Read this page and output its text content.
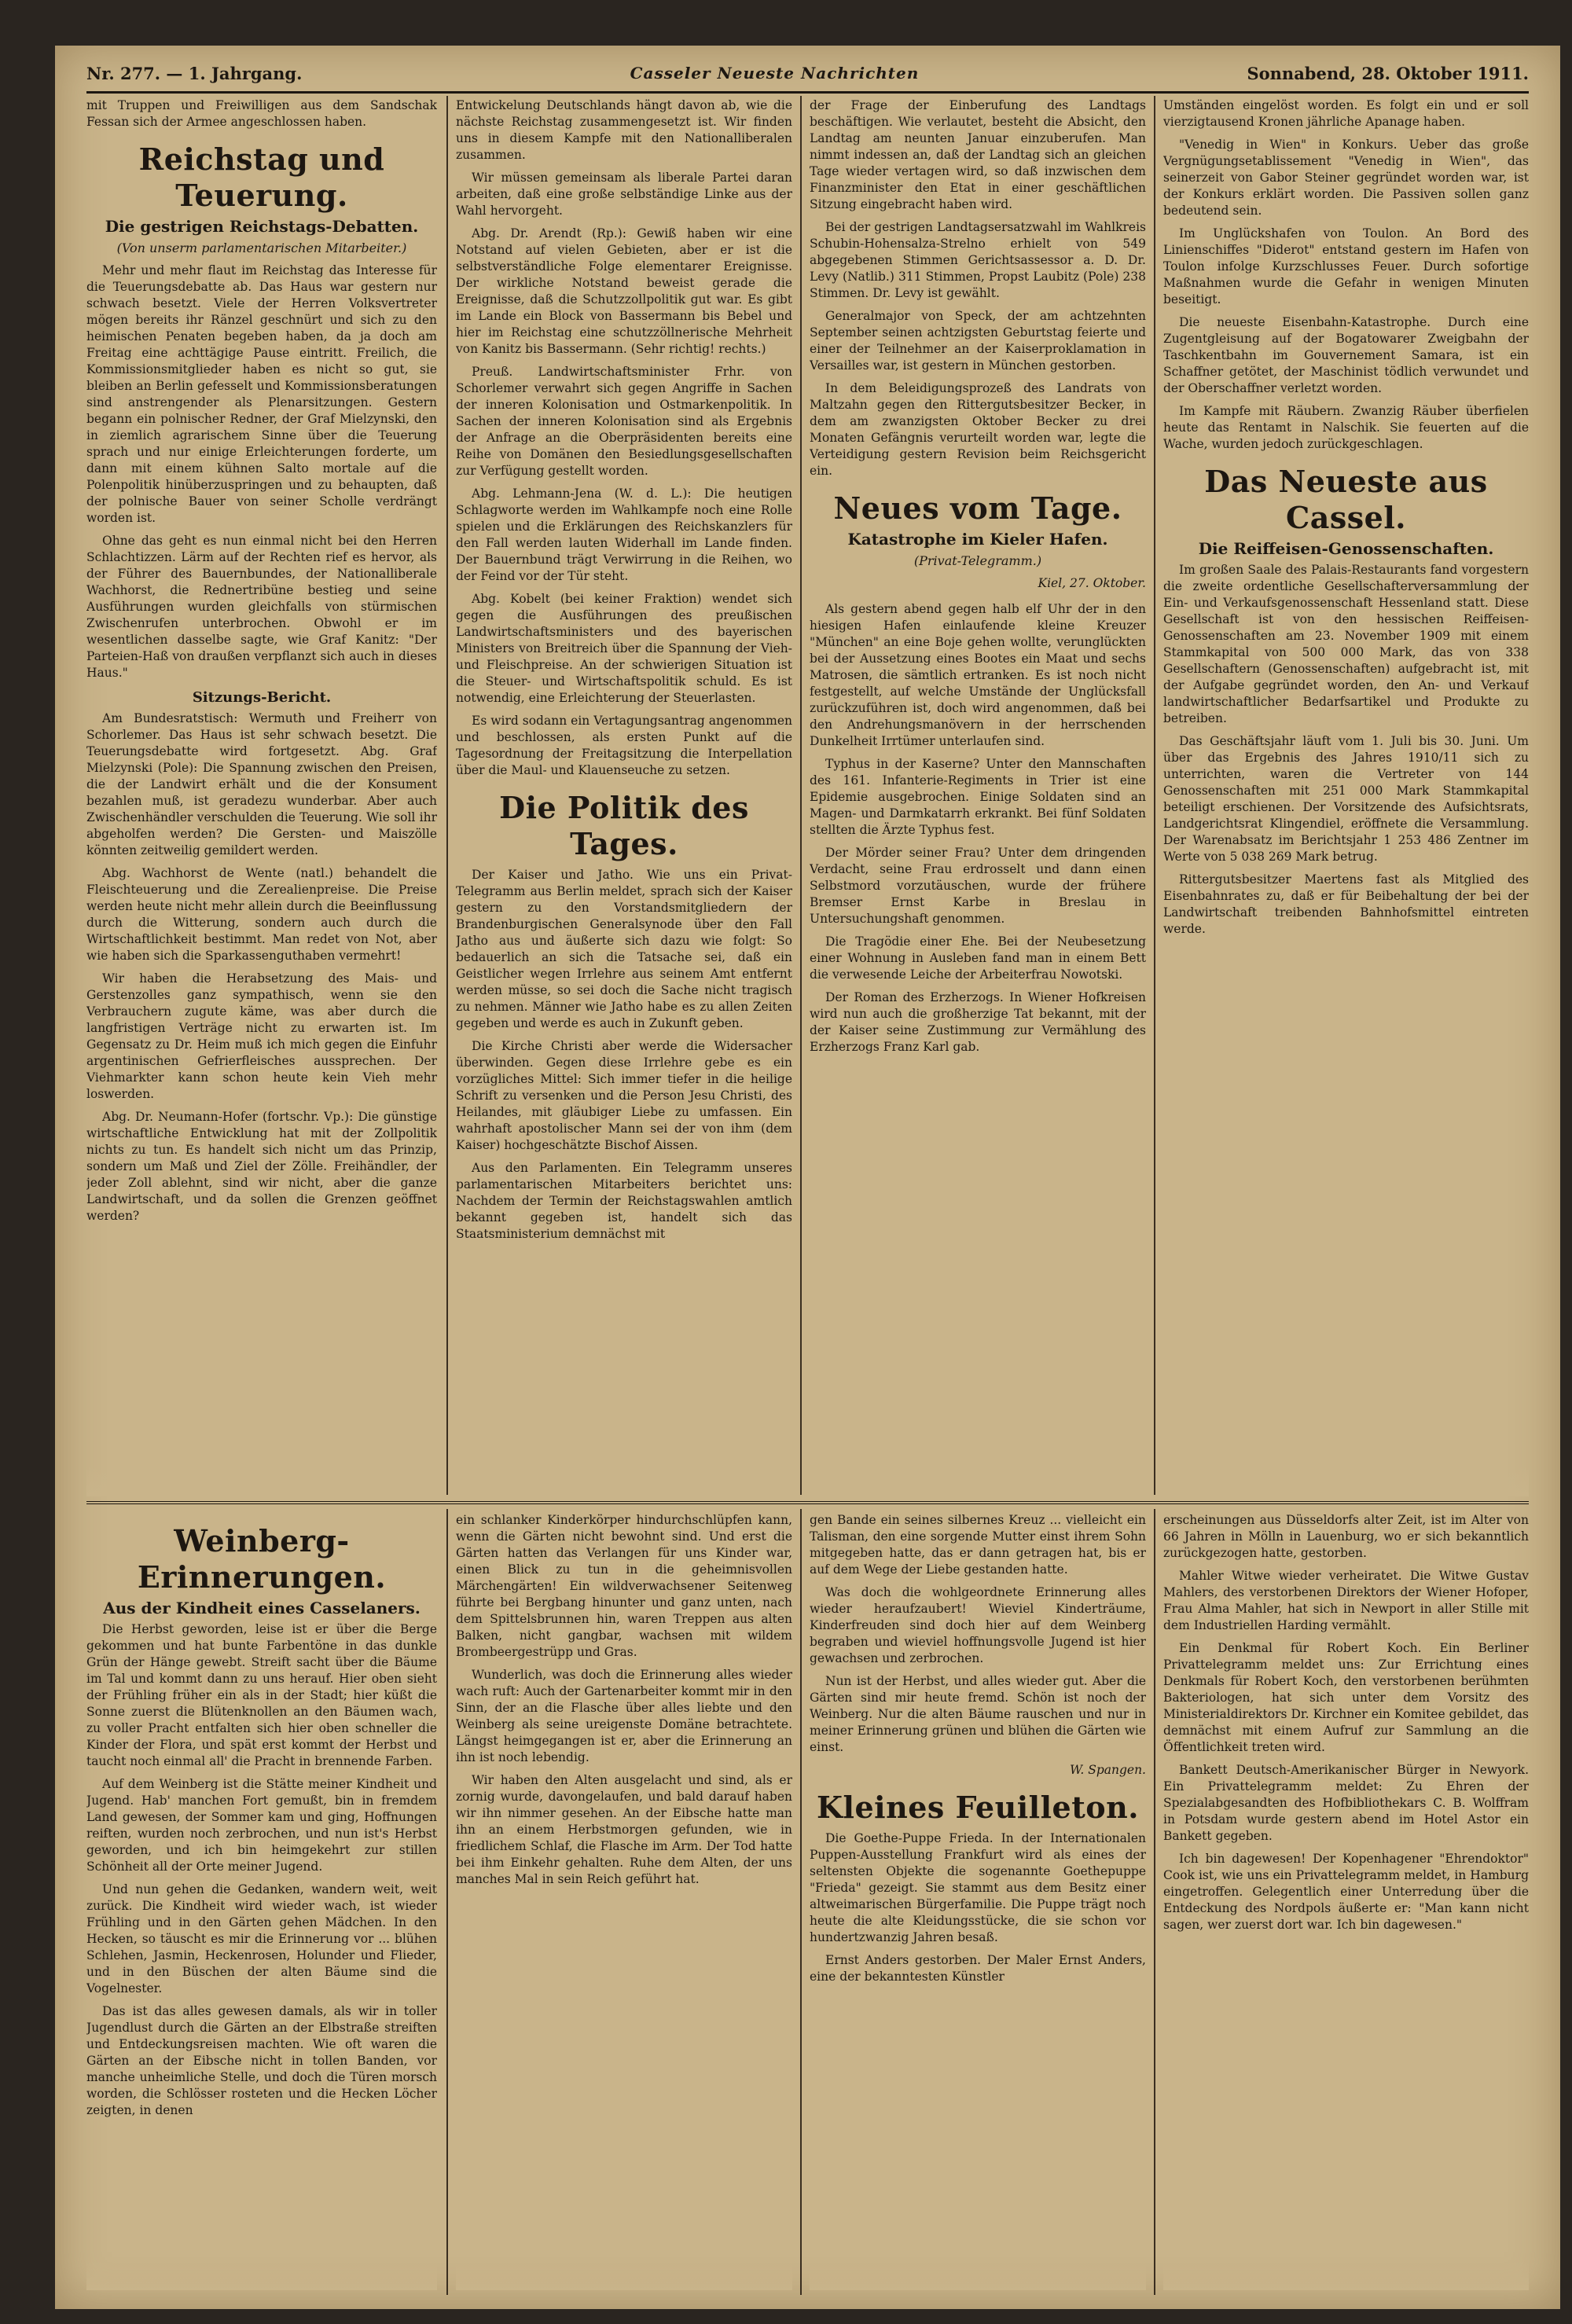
Nr. 277. — 1. Jahrgang.	Casseler Neueste Nachrichten	Sonnabend, 28. Oktober 1911.

mit Truppen und Freiwilligen aus dem Sandschak Fessan sich der Armee angeschlossen haben.

Reichstag und Teuerung.
Die gestrigen Reichstags-Debatten.
(Von unserm parlamentarischen Mitarbeiter.)

Mehr und mehr flaut im Reichstag das Interesse für die Teuerungsdebatte ab. Das Haus war gestern nur schwach besetzt. Viele der Herren Volksvertreter mögen bereits ihr Ränzel geschnürt und sich zu den heimischen Penaten begeben haben, da ja doch am Freitag eine achttägige Pause eintritt. Freilich, die Kommissionsmitglieder haben es nicht so gut, sie bleiben an Berlin gefesselt und Kommissionsberatungen sind anstrengender als Plenarsitzungen. Gestern begann ein polnischer Redner, der Graf Mielzynski, den in ziemlich agrarischem Sinne über die Teuerung sprach und nur einige Erleichterungen forderte, um dann mit einem kühnen Salto mortale auf die Polenpolitik hinüberzuspringen und zu behaupten, daß der polnische Bauer von seiner Scholle verdrängt worden ist.

Ohne das geht es nun einmal nicht bei den Herren Schlachtizzen. Lärm auf der Rechten rief es hervor, als der Führer des Bauernbundes, der Nationalliberale Wachhorst, die Rednertribüne bestieg und seine Ausführungen wurden gleichfalls von stürmischen Zwischenrufen unterbrochen. Obwohl er im wesentlichen dasselbe sagte, wie Graf Kanitz: "Der Parteien-Haß von draußen verpflanzt sich auch in dieses Haus."

Sitzungs-Bericht.

Am Bundesratstisch: Wermuth und Freiherr von Schorlemer. Das Haus ist sehr schwach besetzt. Die Teuerungsdebatte wird fortgesetzt. Abg. Graf Mielzynski (Pole): Die Spannung zwischen den Preisen, die der Landwirt erhält und die der Konsument bezahlen muß, ist geradezu wunderbar. Aber auch Zwischenhändler verschulden die Teuerung. Wie soll ihr abgeholfen werden? Die Gersten- und Maiszölle könnten zeitweilig gemildert werden.

Abg. Wachhorst de Wente (natl.) behandelt die Fleischteuerung und die Zerealienpreise. Die Preise werden heute nicht mehr allein durch die Beeinflussung durch die Witterung, sondern auch durch die Wirtschaftlichkeit bestimmt. Man redet von Not, aber wie haben sich die Sparkassenguthaben vermehrt!

Wir haben die Herabsetzung des Mais- und Gerstenzolles ganz sympathisch, wenn sie den Verbrauchern zugute käme, was aber durch die langfristigen Verträge nicht zu erwarten ist. Im Gegensatz zu Dr. Heim muß ich mich gegen die Einfuhr argentinischen Gefrierfleisches aussprechen. Der Viehmarkter kann schon heute kein Vieh mehr loswerden.

Abg. Dr. Neumann-Hofer (fortschr. Vp.): Die günstige wirtschaftliche Entwicklung hat mit der Zollpolitik nichts zu tun. Es handelt sich nicht um das Prinzip, sondern um Maß und Ziel der Zölle. Freihändler, der jeder Zoll ablehnt, sind wir nicht, aber die ganze Landwirtschaft, und da sollen die Grenzen geöffnet werden?

Entwickelung Deutschlands hängt davon ab, wie die nächste Reichstag zusammengesetzt ist. Wir finden uns in diesem Kampfe mit den Nationalliberalen zusammen.

Wir müssen gemeinsam als liberale Partei daran arbeiten, daß eine große selbständige Linke aus der Wahl hervorgeht.

Abg. Dr. Arendt (Rp.): Gewiß haben wir eine Notstand auf vielen Gebieten, aber er ist die selbstverständliche Folge elementarer Ereignisse. Der wirkliche Notstand beweist gerade die Ereignisse, daß die Schutzzollpolitik gut war. Es gibt im Lande ein Block von Bassermann bis Bebel und hier im Reichstag eine schutzzöllnerische Mehrheit von Kanitz bis Bassermann. (Sehr richtig! rechts.)

Preuß. Landwirtschaftsminister Frhr. von Schorlemer verwahrt sich gegen Angriffe in Sachen der inneren Kolonisation und Ostmarkenpolitik. In Sachen der inneren Kolonisation sind als Ergebnis der Anfrage an die Oberpräsidenten bereits eine Reihe von Domänen den Besiedlungsgesellschaften zur Verfügung gestellt worden.

Abg. Lehmann-Jena (W. d. L.): Die heutigen Schlagworte werden im Wahlkampfe noch eine Rolle spielen und die Erklärungen des Reichskanzlers für den Fall werden lauten Widerhall im Lande finden. Der Bauernbund trägt Verwirrung in die Reihen, wo der Feind vor der Tür steht.

Abg. Kobelt (bei keiner Fraktion) wendet sich gegen die Ausführungen des preußischen Landwirtschaftsministers und des bayerischen Ministers von Breitreich über die Spannung der Vieh- und Fleischpreise. An der schwierigen Situation ist die Steuer- und Wirtschaftspolitik schuld. Es ist notwendig, eine Erleichterung der Steuerlasten.

Es wird sodann ein Vertagungsantrag angenommen und beschlossen, als ersten Punkt auf die Tagesordnung der Freitagsitzung die Interpellation über die Maul- und Klauenseuche zu setzen.

Die Politik des Tages.

Der Kaiser und Jatho. Wie uns ein Privat-Telegramm aus Berlin meldet, sprach sich der Kaiser gestern zu den Vorstandsmitgliedern der Brandenburgischen Generalsynode über den Fall Jatho aus und äußerte sich dazu wie folgt: So bedauerlich an sich die Tatsache sei, daß ein Geistlicher wegen Irrlehre aus seinem Amt entfernt werden müsse, so sei doch die Sache nicht tragisch zu nehmen. Männer wie Jatho habe es zu allen Zeiten gegeben und werde es auch in Zukunft geben.

Die Kirche Christi aber werde die Widersacher überwinden. Gegen diese Irrlehre gebe es ein vorzügliches Mittel: Sich immer tiefer in die heilige Schrift zu versenken und die Person Jesu Christi, des Heilandes, mit gläubiger Liebe zu umfassen. Ein wahrhaft apostolischer Mann sei der von ihm (dem Kaiser) hochgeschätzte Bischof Aissen.

Aus den Parlamenten. Ein Telegramm unseres parlamentarischen Mitarbeiters berichtet uns: Nachdem der Termin der Reichstagswahlen amtlich bekannt gegeben ist, handelt sich das Staatsministerium demnächst mit

der Frage der Einberufung des Landtags beschäftigen. Wie verlautet, besteht die Absicht, den Landtag am neunten Januar einzuberufen. Man nimmt indessen an, daß der Landtag sich an gleichen Tage wieder vertagen wird, so daß inzwischen dem Finanzminister den Etat in einer geschäftlichen Sitzung eingebracht haben wird.

Bei der gestrigen Landtagsersatzwahl im Wahlkreis Schubin-Hohensalza-Strelno erhielt von 549 abgegebenen Stimmen Gerichtsassessor a. D. Dr. Levy (Natlib.) 311 Stimmen, Propst Laubitz (Pole) 238 Stimmen. Dr. Levy ist gewählt.

Generalmajor von Speck, der am achtzehnten September seinen achtzigsten Geburtstag feierte und einer der Teilnehmer an der Kaiserproklamation in Versailles war, ist gestern in München gestorben.

In dem Beleidigungsprozeß des Landrats von Maltzahn gegen den Rittergutsbesitzer Becker, in dem am zwanzigsten Oktober Becker zu drei Monaten Gefängnis verurteilt worden war, legte die Verteidigung gestern Revision beim Reichsgericht ein.

Neues vom Tage.
Katastrophe im Kieler Hafen.
(Privat-Telegramm.)
Kiel, 27. Oktober.

Als gestern abend gegen halb elf Uhr der in den hiesigen Hafen einlaufende kleine Kreuzer "München" an eine Boje gehen wollte, verunglückten bei der Aussetzung eines Bootes ein Maat und sechs Matrosen, die sämtlich ertranken. Es ist noch nicht festgestellt, auf welche Umstände der Unglücksfall zurückzuführen ist, doch wird angenommen, daß bei den Andrehungsmanövern in der herrschenden Dunkelheit Irrtümer unterlaufen sind.

Typhus in der Kaserne? Unter den Mannschaften des 161. Infanterie-Regiments in Trier ist eine Epidemie ausgebrochen. Einige Soldaten sind an Magen- und Darmkatarrh erkrankt. Bei fünf Soldaten stellten die Ärzte Typhus fest.

Der Mörder seiner Frau? Unter dem dringenden Verdacht, seine Frau erdrosselt und dann einen Selbstmord vorzutäuschen, wurde der frühere Bremser Ernst Karbe in Breslau in Untersuchungshaft genommen.

Die Tragödie einer Ehe. Bei der Neubesetzung einer Wohnung in Ausleben fand man in einem Bett die verwesende Leiche der Arbeiterfrau Nowotski.

Der Roman des Erzherzogs. In Wiener Hofkreisen wird nun auch die großherzige Tat bekannt, mit der der Kaiser seine Zustimmung zur Vermählung des Erzherzogs Franz Karl gab.

Umständen eingelöst worden. Es folgt ein und er soll vierzigtausend Kronen jährliche Apanage haben.

"Venedig in Wien" in Konkurs. Ueber das große Vergnügungsetablissement "Venedig in Wien", das seinerzeit von Gabor Steiner gegründet worden war, ist der Konkurs erklärt worden. Die Passiven sollen ganz bedeutend sein.

Im Unglückshafen von Toulon. An Bord des Linienschiffes "Diderot" entstand gestern im Hafen von Toulon infolge Kurzschlusses Feuer. Durch sofortige Maßnahmen wurde die Gefahr in wenigen Minuten beseitigt.

Die neueste Eisenbahn-Katastrophe. Durch eine Zugentgleisung auf der Bogatowarer Zweigbahn der Taschkentbahn im Gouvernement Samara, ist ein Schaffner getötet, der Maschinist tödlich verwundet und der Oberschaffner verletzt worden.

Im Kampfe mit Räubern. Zwanzig Räuber überfielen heute das Rentamt in Nalschik. Sie feuerten auf die Wache, wurden jedoch zurückgeschlagen.

Das Neueste aus Cassel.
Die Reiffeisen-Genossenschaften.

Im großen Saale des Palais-Restaurants fand vorgestern die zweite ordentliche Gesellschafterversammlung der Ein- und Verkaufsgenossenschaft Hessenland statt. Diese Gesellschaft ist von den hessischen Reiffeisen-Genossenschaften am 23. November 1909 mit einem Stammkapital von 500 000 Mark, das von 338 Gesellschaftern (Genossenschaften) aufgebracht ist, mit der Aufgabe gegründet worden, den An- und Verkauf landwirtschaftlicher Bedarfsartikel und Produkte zu betreiben.

Das Geschäftsjahr läuft vom 1. Juli bis 30. Juni. Um über das Ergebnis des Jahres 1910/11 sich zu unterrichten, waren die Vertreter von 144 Genossenschaften mit 251 000 Mark Stammkapital beteiligt erschienen. Der Vorsitzende des Aufsichtsrats, Landgerichtsrat Klingendiel, eröffnete die Versammlung. Der Warenabsatz im Berichtsjahr 1 253 486 Zentner im Werte von 5 038 269 Mark betrug.

Rittergutsbesitzer Maertens fast als Mitglied des Eisenbahnrates zu, daß er für Beibehaltung der bei der Landwirtschaft treibenden Bahnhofsmittel eintreten werde.

Weinberg-Erinnerungen.
Aus der Kindheit eines Casselaners.

Die Herbst geworden, leise ist er über die Berge gekommen und hat bunte Farbentöne in das dunkle Grün der Hänge gewebt. Streift sacht über die Bäume im Tal und kommt dann zu uns herauf. Hier oben sieht der Frühling früher ein als in der Stadt; hier küßt die Sonne zuerst die Blütenknollen an den Bäumen wach, zu voller Pracht entfalten sich hier oben schneller die Kinder der Flora, und spät erst kommt der Herbst und taucht noch einmal all' die Pracht in brennende Farben.

Auf dem Weinberg ist die Stätte meiner Kindheit und Jugend. Hab' manchen Fort gemußt, bin in fremdem Land gewesen, der Sommer kam und ging, Hoffnungen reiften, wurden noch zerbrochen, und nun ist's Herbst geworden, und ich bin heimgekehrt zur stillen Schönheit all der Orte meiner Jugend.

Und nun gehen die Gedanken, wandern weit, weit zurück. Die Kindheit wird wieder wach, ist wieder Frühling und in den Gärten gehen Mädchen. In den Hecken, so täuscht es mir die Erinnerung vor ... blühen Schlehen, Jasmin, Heckenrosen, Holunder und Flieder, und in den Büschen der alten Bäume sind die Vogelnester.

Das ist das alles gewesen damals, als wir in toller Jugendlust durch die Gärten an der Elbstraße streiften und Entdeckungsreisen machten. Wie oft waren die Gärten an der Eibsche nicht in tollen Banden, vor manche unheimliche Stelle, und doch die Türen morsch worden, die Schlösser rosteten und die Hecken Löcher zeigten, in denen

ein schlanker Kinderkörper hindurchschlüpfen kann, wenn die Gärten nicht bewohnt sind. Und erst die Gärten hatten das Verlangen für uns Kinder war, einen Blick zu tun in die geheimnisvollen Märchengärten! Ein wildverwachsener Seitenweg führte bei Bergbang hinunter und ganz unten, nach dem Spittelsbrunnen hin, waren Treppen aus alten Balken, nicht gangbar, wachsen mit wildem Brombeergestrüpp und Gras.

Wunderlich, was doch die Erinnerung alles wieder wach ruft: Auch der Gartenarbeiter kommt mir in den Sinn, der an die Flasche über alles liebte und den Weinberg als seine ureigenste Domäne betrachtete. Längst heimgegangen ist er, aber die Erinnerung an ihn ist noch lebendig.

Wir haben den Alten ausgelacht und sind, als er zornig wurde, davongelaufen, und bald darauf haben wir ihn nimmer gesehen. An der Eibsche hatte man ihn an einem Herbstmorgen gefunden, wie in friedlichem Schlaf, die Flasche im Arm. Der Tod hatte bei ihm Einkehr gehalten. Ruhe dem Alten, der uns manches Mal in sein Reich geführt hat.

gen Bande ein seines silbernes Kreuz ... vielleicht ein Talisman, den eine sorgende Mutter einst ihrem Sohn mitgegeben hatte, das er dann getragen hat, bis er auf dem Wege der Liebe gestanden hatte.

Was doch die wohlgeordnete Erinnerung alles wieder heraufzaubert! Wieviel Kinderträume, Kinderfreuden sind doch hier auf dem Weinberg begraben und wieviel hoffnungsvolle Jugend ist hier gewachsen und zerbrochen.

Nun ist der Herbst, und alles wieder gut. Aber die Gärten sind mir heute fremd. Schön ist noch der Weinberg. Nur die alten Bäume rauschen und nur in meiner Erinnerung grünen und blühen die Gärten wie einst.

W. Spangen.
Kleines Feuilleton.

Die Goethe-Puppe Frieda. In der Internationalen Puppen-Ausstellung Frankfurt wird als eines der seltensten Objekte die sogenannte Goethepuppe "Frieda" gezeigt. Sie stammt aus dem Besitz einer altweimarischen Bürgerfamilie. Die Puppe trägt noch heute die alte Kleidungsstücke, die sie schon vor hundertzwanzig Jahren besaß.

Ernst Anders gestorben. Der Maler Ernst Anders, eine der bekanntesten Künstler

erscheinungen aus Düsseldorfs alter Zeit, ist im Alter von 66 Jahren in Mölln in Lauenburg, wo er sich bekanntlich zurückgezogen hatte, gestorben.

Mahler Witwe wieder verheiratet. Die Witwe Gustav Mahlers, des verstorbenen Direktors der Wiener Hofoper, Frau Alma Mahler, hat sich in Newport in aller Stille mit dem Industriellen Harding vermählt.

Ein Denkmal für Robert Koch. Ein Berliner Privattelegramm meldet uns: Zur Errichtung eines Denkmals für Robert Koch, den verstorbenen berühmten Bakteriologen, hat sich unter dem Vorsitz des Ministerialdirektors Dr. Kirchner ein Komitee gebildet, das demnächst mit einem Aufruf zur Sammlung an die Öffentlichkeit treten wird.

Bankett Deutsch-Amerikanischer Bürger in Newyork. Ein Privattelegramm meldet: Zu Ehren der Spezialabgesandten des Hofbibliothekars C. B. Wolffram in Potsdam wurde gestern abend im Hotel Astor ein Bankett gegeben.

Ich bin dagewesen! Der Kopenhagener "Ehrendoktor" Cook ist, wie uns ein Privattelegramm meldet, in Hamburg eingetroffen. Gelegentlich einer Unterredung über die Entdeckung des Nordpols äußerte er: "Man kann nicht sagen, wer zuerst dort war. Ich bin dagewesen."
